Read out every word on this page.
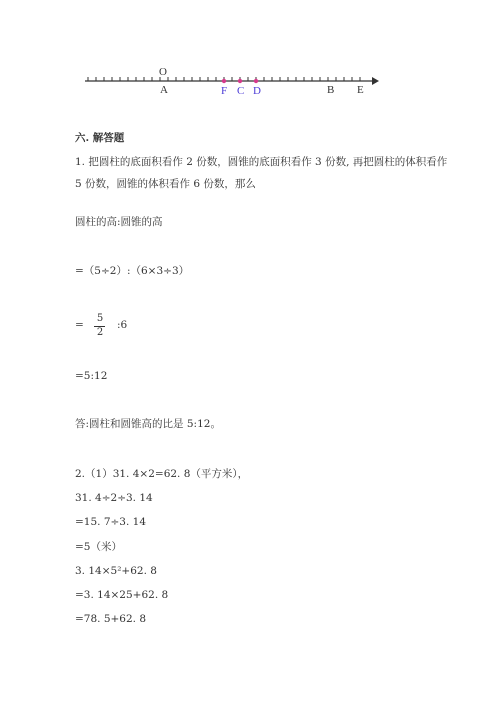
O
A	F C D	B E
六. 解答题
1. 把圆柱的底面积看作 2 份数，圆锥的底面积看作 3 份数, 再把圆柱的体积看作
5 份数，圆锥的体积看作 6 份数，那么
圆柱的高:圆锥的高
=（5÷2）:（6×3÷3）
=
5
2
:6
=5:12
答:圆柱和圆锥高的比是 5:12。
2.（1）31. 4×2=62. 8（平方米），
31. 4÷2÷3. 14
=15. 7÷3. 14
=5（米）
3. 14×5²+62. 8
=3. 14×25+62. 8
=78. 5+62. 8
